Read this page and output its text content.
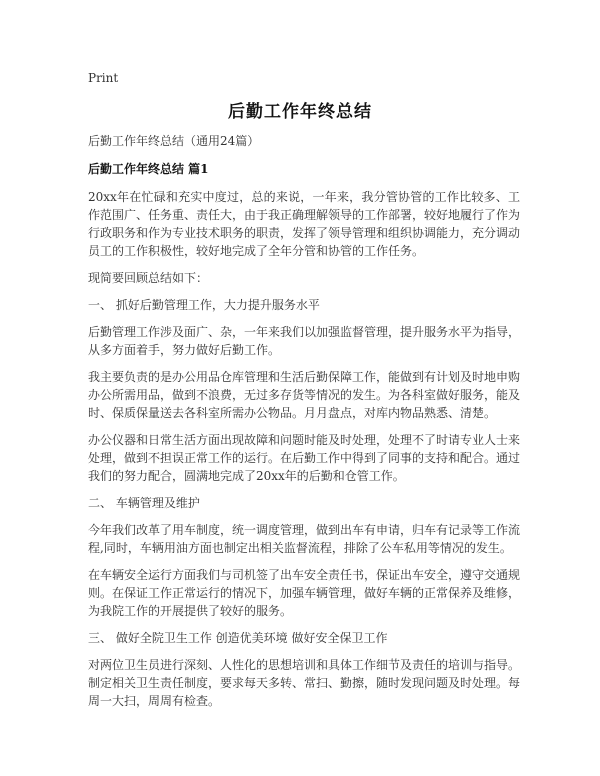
Print
后勤工作年终总结

后勤工作年终总结（通用24篇）

后勤工作年终总结 篇1

20xx年在忙碌和充实中度过，总的来说，一年来，我分管协管的工作比较多、工作范围广、任务重、责任大，由于我正确理解领导的工作部署，较好地履行了作为行政职务和作为专业技术职务的职责，发挥了领导管理和组织协调能力，充分调动员工的工作积极性，较好地完成了全年分管和协管的工作任务。

现简要回顾总结如下：

一、 抓好后勤管理工作，大力提升服务水平

后勤管理工作涉及面广、杂，一年来我们以加强监督管理，提升服务水平为指导，从多方面着手，努力做好后勤工作。

我主要负责的是办公用品仓库管理和生活后勤保障工作，能做到有计划及时地申购办公所需用品，做到不浪费，无过多存货等情况的发生。为各科室做好服务，能及时、保质保量送去各科室所需办公物品。月月盘点，对库内物品熟悉、清楚。

办公仪器和日常生活方面出现故障和问题时能及时处理，处理不了时请专业人士来处理，做到不担误正常工作的运行。在后勤工作中得到了同事的支持和配合。通过我们的努力配合，圆满地完成了20xx年的后勤和仓管工作。

二、 车辆管理及维护

今年我们改革了用车制度，统一调度管理，做到出车有申请，归车有记录等工作流程,同时，车辆用油方面也制定出相关监督流程，排除了公车私用等情况的发生。

在车辆安全运行方面我们与司机签了出车安全责任书，保证出车安全，遵守交通规则。在保证工作正常运行的情况下，加强车辆管理，做好车辆的正常保养及维修，为我院工作的开展提供了较好的服务。

三、 做好全院卫生工作 创造优美环境 做好安全保卫工作

对两位卫生员进行深刻、人性化的思想培训和具体工作细节及责任的培训与指导。制定相关卫生责任制度，要求每天多转、常扫、勤擦，随时发现问题及时处理。每周一大扫，周周有检查。
